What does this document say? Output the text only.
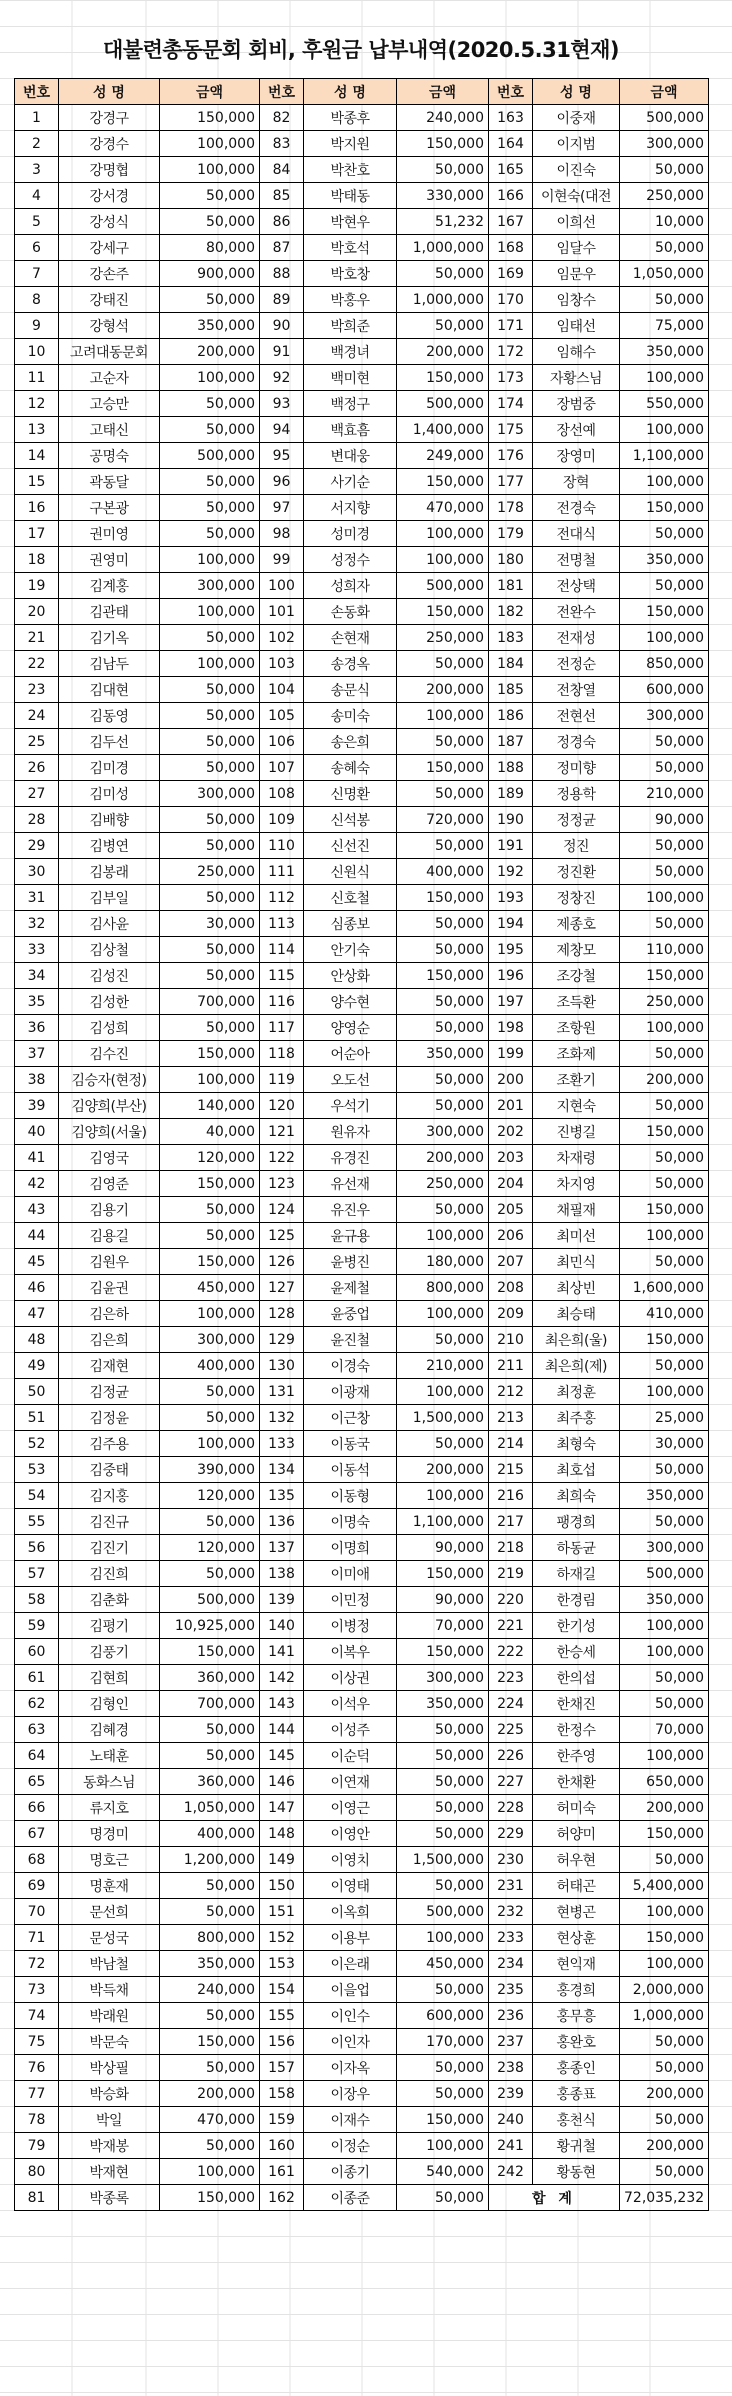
대불련총동문회 회비, 후원금 납부내역(2020.5.31현재)
번호	성 명	금액	번호	성 명	금액	번호	성 명	금액
1	강경구	150,000	82	박종후	240,000	163	이중재	500,000
2	강경수	100,000	83	박지원	150,000	164	이지범	300,000
3	강명협	100,000	84	박찬호	50,000	165	이진숙	50,000
4	강서경	50,000	85	박태동	330,000	166	이현숙(대전	250,000
5	강성식	50,000	86	박현우	51,232	167	이희선	10,000
6	강세구	80,000	87	박호석	1,000,000	168	임달수	50,000
7	강손주	900,000	88	박호창	50,000	169	임문우	1,050,000
8	강태진	50,000	89	박홍우	1,000,000	170	임창수	50,000
9	강형석	350,000	90	박희준	50,000	171	임태선	75,000
10	고려대동문회	200,000	91	백경녀	200,000	172	임해수	350,000
11	고순자	100,000	92	백미현	150,000	173	자황스님	100,000
12	고승만	50,000	93	백정구	500,000	174	장범중	550,000
13	고태신	50,000	94	백효흠	1,400,000	175	장선예	100,000
14	공명숙	500,000	95	변대웅	249,000	176	장영미	1,100,000
15	곽동달	50,000	96	사기순	150,000	177	장혁	100,000
16	구본광	50,000	97	서지향	470,000	178	전경숙	150,000
17	권미영	50,000	98	성미경	100,000	179	전대식	50,000
18	권영미	100,000	99	성정수	100,000	180	전명철	350,000
19	김계홍	300,000	100	성희자	500,000	181	전상택	50,000
20	김관태	100,000	101	손동화	150,000	182	전완수	150,000
21	김기옥	50,000	102	손현재	250,000	183	전재성	100,000
22	김남두	100,000	103	송경옥	50,000	184	전정순	850,000
23	김대현	50,000	104	송문식	200,000	185	전창열	600,000
24	김동영	50,000	105	송미숙	100,000	186	전현선	300,000
25	김두선	50,000	106	송은희	50,000	187	정경숙	50,000
26	김미경	50,000	107	송혜숙	150,000	188	정미향	50,000
27	김미성	300,000	108	신명환	50,000	189	정용학	210,000
28	김배향	50,000	109	신석봉	720,000	190	정정균	90,000
29	김병연	50,000	110	신선진	50,000	191	정진	50,000
30	김봉래	250,000	111	신원식	400,000	192	정진환	50,000
31	김부일	50,000	112	신호철	150,000	193	정창진	100,000
32	김사윤	30,000	113	심종보	50,000	194	제종호	50,000
33	김상철	50,000	114	안기숙	50,000	195	제창모	110,000
34	김성진	50,000	115	안상화	150,000	196	조강철	150,000
35	김성한	700,000	116	양수현	50,000	197	조득환	250,000
36	김성희	50,000	117	양영순	50,000	198	조항원	100,000
37	김수진	150,000	118	어순아	350,000	199	조화제	50,000
38	김승자(현정)	100,000	119	오도선	50,000	200	조환기	200,000
39	김양희(부산)	140,000	120	우석기	50,000	201	지현숙	50,000
40	김양희(서울)	40,000	121	원유자	300,000	202	진병길	150,000
41	김영국	120,000	122	유경진	200,000	203	차재령	50,000
42	김영준	150,000	123	유선재	250,000	204	차지영	50,000
43	김용기	50,000	124	유진우	50,000	205	채필재	150,000
44	김용길	50,000	125	윤규용	100,000	206	최미선	100,000
45	김원우	150,000	126	윤병진	180,000	207	최민식	50,000
46	김윤권	450,000	127	윤제철	800,000	208	최상빈	1,600,000
47	김은하	100,000	128	윤중업	100,000	209	최승태	410,000
48	김은희	300,000	129	윤진철	50,000	210	최은희(울)	150,000
49	김재현	400,000	130	이경숙	210,000	211	최은희(제)	50,000
50	김정균	50,000	131	이광재	100,000	212	최정훈	100,000
51	김정윤	50,000	132	이근창	1,500,000	213	최주홍	25,000
52	김주용	100,000	133	이동국	50,000	214	최형숙	30,000
53	김중태	390,000	134	이동석	200,000	215	최호섭	50,000
54	김지홍	120,000	135	이동형	100,000	216	최희숙	350,000
55	김진규	50,000	136	이명숙	1,100,000	217	팽경희	50,000
56	김진기	120,000	137	이명희	90,000	218	하동균	300,000
57	김진희	50,000	138	이미애	150,000	219	하재길	500,000
58	김춘화	500,000	139	이민정	90,000	220	한경림	350,000
59	김평기	10,925,000	140	이병정	70,000	221	한기성	100,000
60	김풍기	150,000	141	이복우	150,000	222	한승세	100,000
61	김현희	360,000	142	이상권	300,000	223	한의섭	50,000
62	김형인	700,000	143	이석우	350,000	224	한채진	50,000
63	김혜경	50,000	144	이성주	50,000	225	한정수	70,000
64	노태훈	50,000	145	이순덕	50,000	226	한주영	100,000
65	동화스님	360,000	146	이연재	50,000	227	한채환	650,000
66	류지호	1,050,000	147	이영근	50,000	228	허미숙	200,000
67	명경미	400,000	148	이영안	50,000	229	허양미	150,000
68	명호근	1,200,000	149	이영치	1,500,000	230	허우현	50,000
69	명훈재	50,000	150	이영태	50,000	231	허태곤	5,400,000
70	문선희	50,000	151	이옥희	500,000	232	현병곤	100,000
71	문성국	800,000	152	이용부	100,000	233	현상훈	150,000
72	박남철	350,000	153	이은래	450,000	234	현익재	100,000
73	박득채	240,000	154	이을업	50,000	235	홍경희	2,000,000
74	박래원	50,000	155	이인수	600,000	236	홍무흥	1,000,000
75	박문숙	150,000	156	이인자	170,000	237	홍완호	50,000
76	박상필	50,000	157	이자옥	50,000	238	홍종인	50,000
77	박승화	200,000	158	이장우	50,000	239	홍종표	200,000
78	박일	470,000	159	이재수	150,000	240	홍천식	50,000
79	박재봉	50,000	160	이정순	100,000	241	황귀철	200,000
80	박재현	100,000	161	이종기	540,000	242	황동현	50,000
81	박종록	150,000	162	이종준	50,000	합 계		72,035,232
